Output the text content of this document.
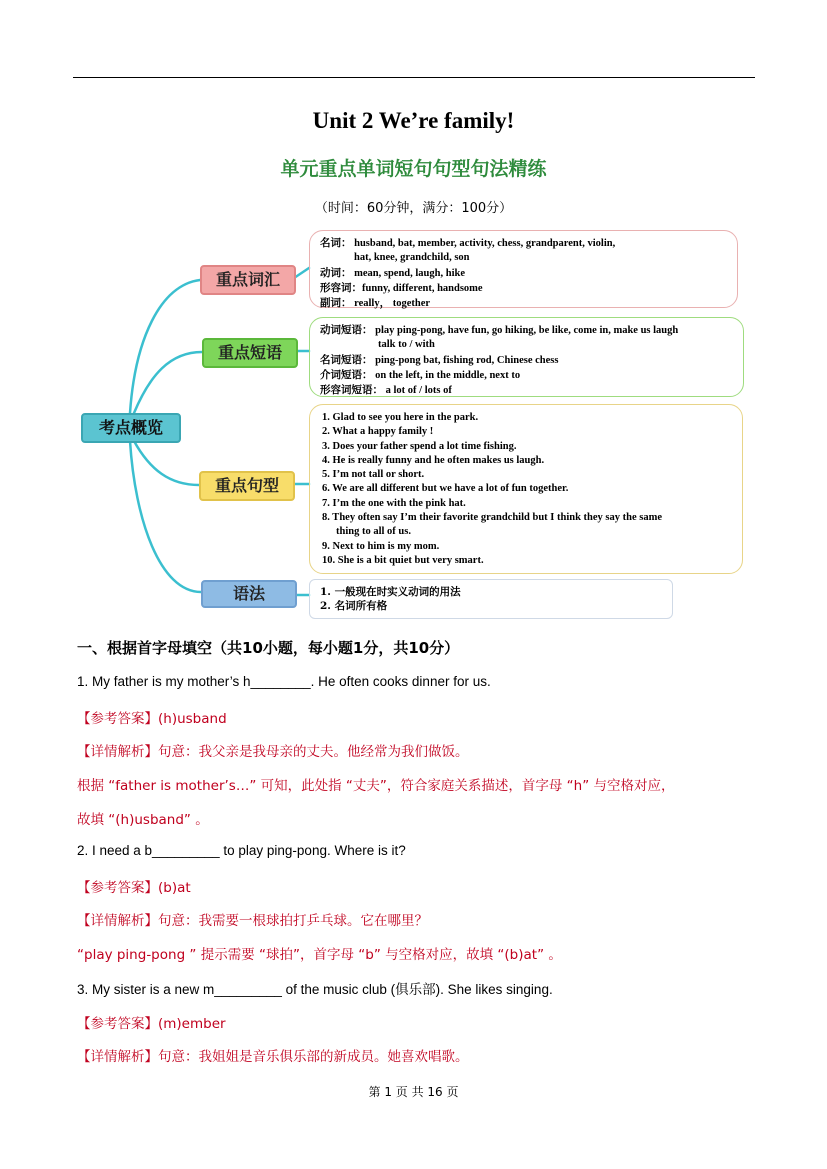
Unit 2 We’re family!
单元重点单词短句句型句法精练
（时间：60分钟，满分：100分）
考点概览
重点词汇
重点短语
重点句型
语法
名词： husband, bat, member, activity, chess, grandparent, violin,
hat, knee, grandchild, son
动词： mean, spend, laugh, hike
形容词：funny, different, handsome
副词： really， together
动词短语： play ping-pong, have fun, go hiking, be like, come in, make us laugh
talk to / with
名词短语： ping-pong bat, fishing rod, Chinese chess
介词短语： on the left, in the middle, next to
形容词短语： a lot of / lots of
1. Glad to see you here in the park.
2. What a happy family !
3. Does your father spend a lot time fishing.
4. He is really funny and he often makes us laugh.
5. I’m not tall or short.
6. We are all different but we have a lot of fun together.
7. I’m the one with the pink hat.
8. They often say I’m their favorite grandchild but I think they say the same
thing to all of us.
9. Next to him is my mom.
10. She is a bit quiet but very smart.
1. 一般现在时实义动词的用法
2. 名词所有格
一、根据首字母填空（共10小题，每小题1分，共10分）
1. My father is my mother’s h________. He often cooks dinner for us.
【参考答案】(h)usband
【详情解析】句意：我父亲是我母亲的丈夫。他经常为我们做饭。
根据 “father is mother’s…” 可知，此处指 “丈夫”，符合家庭关系描述，首字母 “h” 与空格对应，
故填 “(h)usband” 。
2. I need a b_________ to play ping-pong. Where is it?
【参考答案】(b)at
【详情解析】句意：我需要一根球拍打乒乓球。它在哪里？
“play ping-pong ” 提示需要 “球拍”，首字母 “b” 与空格对应，故填 “(b)at” 。
3. My sister is a new m_________ of the music club (俱乐部). She likes singing.
【参考答案】(m)ember
【详情解析】句意：我姐姐是音乐俱乐部的新成员。她喜欢唱歌。
第 1 页 共 16 页
